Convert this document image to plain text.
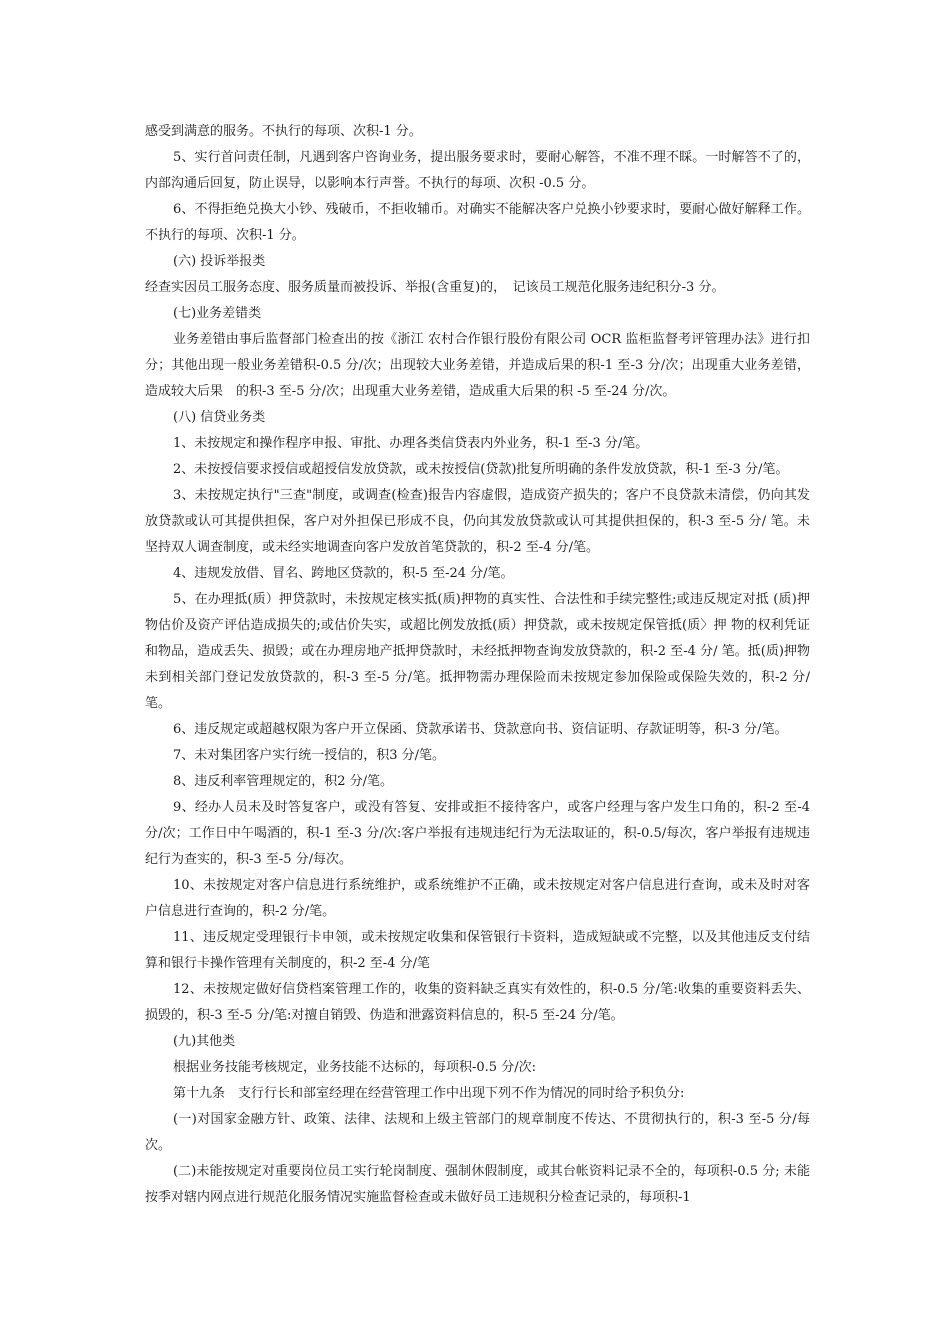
感受到满意的服务。不执行的每项、次积-1 分。

5、实行首问责任制，凡遇到客户咨询业务，提出服务要求时，要耐心解答，不准不理不睬。一时解答不了的，内部沟通后回复，防止误导，以影响本行声誉。不执行的每项、次积 -0.5 分。

6、不得拒绝兑换大小钞、残破币，不拒收辅币。对确实不能解决客户兑换小钞要求时，要耐心做好解释工作。不执行的每项、次积-1 分。

(六) 投诉举报类

经查实因员工服务态度、服务质量而被投诉、举报(含重复)的，　记该员工规范化服务违纪积分-3 分。

(七)业务差错类

业务差错由事后监督部门检查出的按《浙江 农村合作银行股份有限公司 OCR 监柜监督考评管理办法》进行扣分；其他出现一般业务差错积-0.5 分/次；出现较大业务差错，并造成后果的积-1 至-3 分/次；出现重大业务差错，造成较大后果　的积-3 至-5 分/次；出现重大业务差错，造成重大后果的积 -5 至-24 分/次。

(八) 信贷业务类

1、未按规定和操作程序申报、审批、办理各类信贷表内外业务，积-1 至-3 分/笔。

2、未按授信要求授信或超授信发放贷款，或未按授信(贷款)批复所明确的条件发放贷款，积-1 至-3 分/笔。

3、未按规定执行"三查"制度，或调查(检查)报告内容虚假，造成资产损失的；客户不良贷款未清偿，仍向其发放贷款或认可其提供担保，客户对外担保已形成不良，仍向其发放贷款或认可其提供担保的，积-3 至-5 分/ 笔。未坚持双人调查制度，或未经实地调查向客户发放首笔贷款的，积-2 至-4 分/笔。

4、违规发放借、冒名、跨地区贷款的，积-5 至-24 分/笔。

5、在办理抵(质）押贷款时，未按规定核实抵(质)押物的真实性、合法性和手续完整性;或违反规定对抵 (质)押物估价及资产评估造成损失的;或估价失实，或超比例发放抵(质）押贷款，或未按规定保管抵(质〉押 物的权利凭证和物品，造成丢失、损毁；或在办理房地产抵押贷款时，未经抵押物查询发放贷款的，积-2 至-4 分/ 笔。抵(质)押物未到相关部门登记发放贷款的，积-3 至-5 分/笔。抵押物需办理保险而未按规定参加保险或保险失效的，积-2 分/笔。

6、违反规定或超越权限为客户开立保函、贷款承诺书、贷款意向书、资信证明、存款证明等，积-3 分/笔。

7、未对集团客户实行统一授信的，积3 分/笔。

8、违反利率管理规定的，积2 分/笔。

9、经办人员未及时答复客户，或没有答复、安排或拒不接待客户，或客户经理与客户发生口角的，积-2 至-4 分/次；工作日中午喝酒的，积-1 至-3 分/次:客户举报有违规违纪行为无法取证的，积-0.5/每次，客户举报有违规违纪行为查实的，积-3 至-5 分/每次。

10、未按规定对客户信息进行系统维护，或系统维护不正确，或未按规定对客户信息进行查询，或未及时对客户信息进行查询的，积-2 分/笔。

11、违反规定受理银行卡申领，或未按规定收集和保管银行卡资料，造成短缺或不完整，以及其他违反支付结算和银行卡操作管理有关制度的，积-2 至-4 分/笔

12、未按规定做好信贷档案管理工作的，收集的资料缺乏真实有效性的，积-0.5 分/笔:收集的重要资料丢失、损毁的，积-3 至-5 分/笔:对擅自销毁、伪造和泄露资料信息的，积-5 至-24 分/笔。

(九)其他类

根据业务技能考核规定，业务技能不达标的，每项积-0.5 分/次:

第十九条　支行行长和部室经理在经营管理工作中出现下列不作为情况的同时给予积负分:

(一)对国家金融方针、政策、法律、法规和上级主管部门的规章制度不传达、不贯彻执行的，积-3 至-5 分/每次。

(二)未能按规定对重要岗位员工实行轮岗制度、强制休假制度，或其台帐资料记录不全的，每项积-0.5 分; 未能按季对辖内网点进行规范化服务情况实施监督检查或未做好员工违规积分检查记录的，每项积-1
